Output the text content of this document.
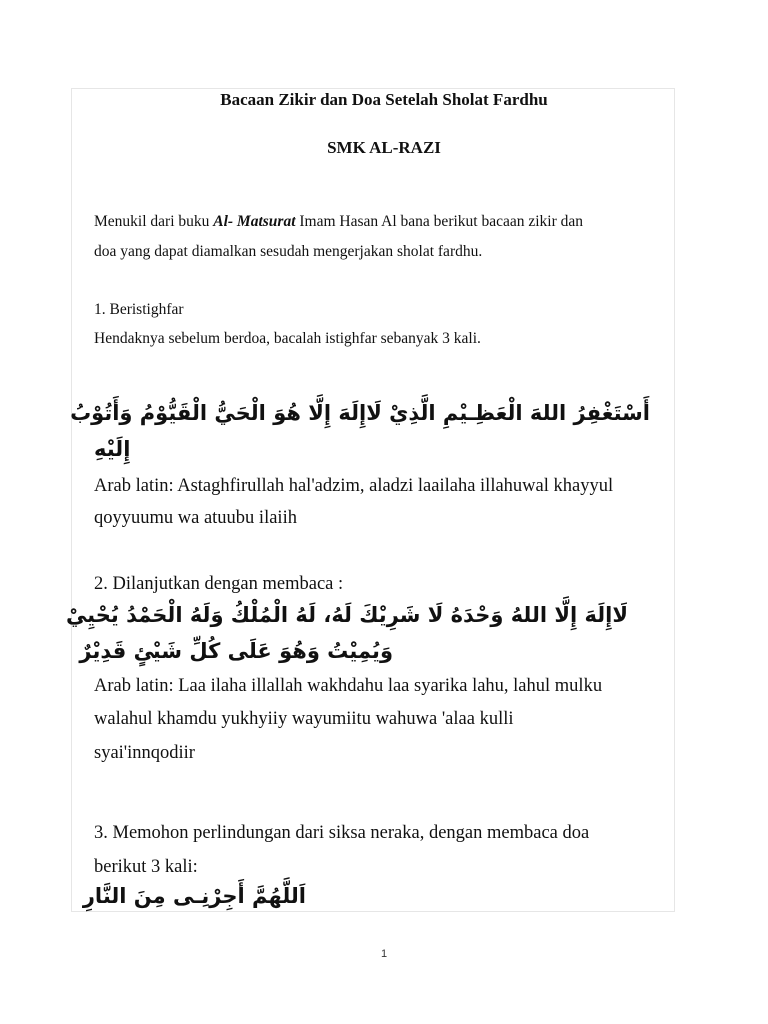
Bacaan Zikir dan Doa Setelah Sholat Fardhu
SMK AL-RAZI
Menukil dari buku Al- Matsurat Imam Hasan Al bana berikut bacaan zikir dan
doa yang dapat diamalkan sesudah mengerjakan sholat fardhu.
1. Beristighfar
Hendaknya sebelum berdoa, bacalah istighfar sebanyak 3 kali.
أَسْتَغْفِرُ اللهَ الْعَظِـيْمِ الَّذِيْ لَاإِلَهَ إِلَّا هُوَ الْحَيُّ الْقَيُّوْمُ وَأَتُوْبُ
إِلَيْهِ
Arab latin: Astaghfirullah hal'adzim, aladzi laailaha illahuwal khayyul
qoyyuumu wa atuubu ilaiih
2. Dilanjutkan dengan membaca :
لَاإِلَهَ إِلَّا اللهُ وَحْدَهُ لَا شَرِيْكَ لَهُ، لَهُ الْمُلْكُ وَلَهُ الْحَمْدُ يُحْيِيْ
وَيُمِيْتُ وَهُوَ عَلَى كُلِّ شَيْئٍ قَدِيْرٌ
Arab latin: Laa ilaha illallah wakhdahu laa syarika lahu, lahul mulku
walahul khamdu yukhyiiy wayumiitu wahuwa 'alaa kulli
syai'innqodiir
3. Memohon perlindungan dari siksa neraka, dengan membaca doa
berikut 3 kali:
اَللَّهُمَّ أَجِرْنِـى مِنَ النَّارِ
1
